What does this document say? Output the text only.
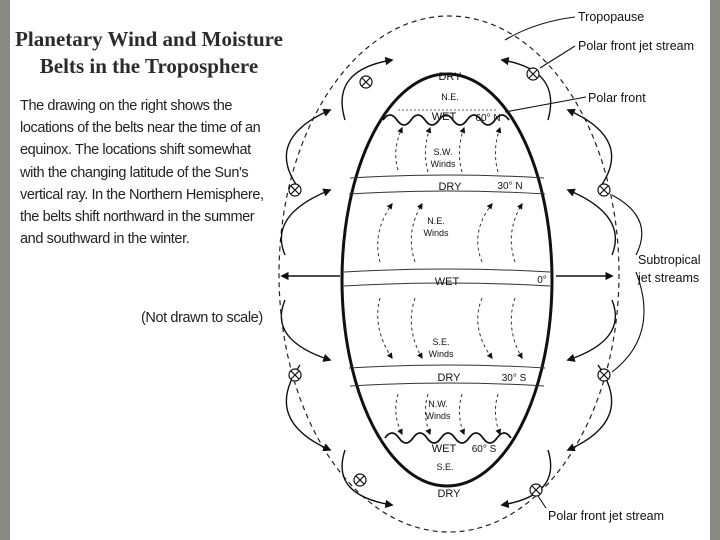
Planetary Wind and Moisture
Belts in the Troposphere
The drawing on the right shows the
locations of the belts near the time of an
equinox. The locations shift somewhat
with the changing latitude of the Sun's
vertical ray. In the Northern Hemisphere,
the belts shift northward in the summer
and southward in the winter.
(Not drawn to scale)
DRY
N.E.
WET 60° N
S.W.
Winds
DRY	30° N
N.E.
Winds
WET	0°
S.E.
Winds
DRY	30° S
N.W.
Winds
WET 60° S
S.E.
DRY
Tropopause
Polar front jet stream
Polar front
Subtropical
jet streams
Polar front jet stream
